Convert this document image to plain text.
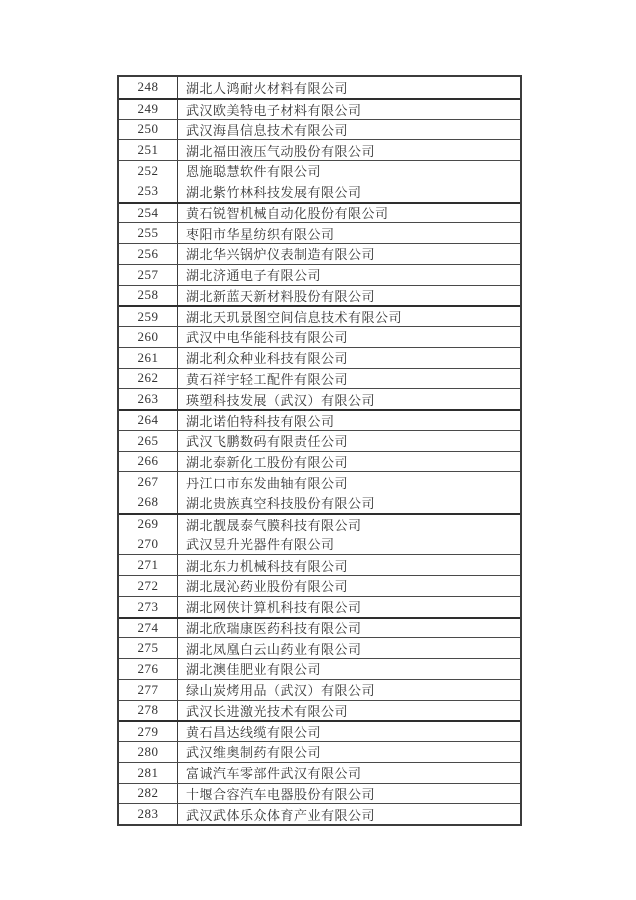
248	湖北人鸿耐火材料有限公司
249	武汉欧美特电子材料有限公司
250	武汉海昌信息技术有限公司
251	湖北福田液压气动股份有限公司
252	恩施聪慧软件有限公司
253	湖北紫竹林科技发展有限公司
254	黄石锐智机械自动化股份有限公司
255	枣阳市华星纺织有限公司
256	湖北华兴锅炉仪表制造有限公司
257	湖北济通电子有限公司
258	湖北新蓝天新材料股份有限公司
259	湖北天玑景图空间信息技术有限公司
260	武汉中电华能科技有限公司
261	湖北利众种业科技有限公司
262	黄石祥宇轻工配件有限公司
263	瑛塑科技发展（武汉）有限公司
264	湖北诺伯特科技有限公司
265	武汉飞鹏数码有限责任公司
266	湖北泰新化工股份有限公司
267	丹江口市东发曲轴有限公司
268	湖北贵族真空科技股份有限公司
269	湖北靓晟泰气膜科技有限公司
270	武汉昱升光器件有限公司
271	湖北东力机械科技有限公司
272	湖北晟沁药业股份有限公司
273	湖北网侠计算机科技有限公司
274	湖北欣瑞康医药科技有限公司
275	湖北凤凰白云山药业有限公司
276	湖北澳佳肥业有限公司
277	绿山炭烤用品（武汉）有限公司
278	武汉长进激光技术有限公司
279	黄石昌达线缆有限公司
280	武汉维奥制药有限公司
281	富诚汽车零部件武汉有限公司
282	十堰合容汽车电器股份有限公司
283	武汉武体乐众体育产业有限公司
